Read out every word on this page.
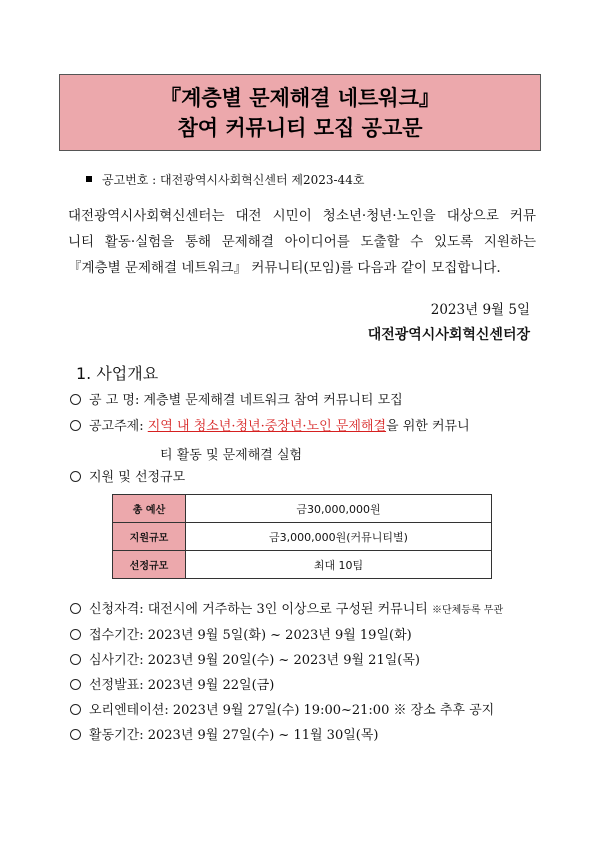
『계층별 문제해결 네트워크』
참여 커뮤니티 모집 공고문
공고번호 : 대전광역시사회혁신센터 제2023-44호
대전광역시사회혁신센터는 대전 시민이 청소년·청년·노인을 대상으로 커뮤
니티 활동·실험을 통해 문제해결 아이디어를 도출할 수 있도록 지원하는
『계층별 문제해결 네트워크』 커뮤니티(모임)를 다음과 같이 모집합니다.
2023년 9월 5일
대전광역시사회혁신센터장
1. 사업개요
공 고 명: 계층별 문제해결 네트워크 참여 커뮤니티 모집
공고주제: 지역 내 청소년·청년·중장년·노인 문제해결을 위한 커뮤니
티 활동 및 문제해결 실험
지원 및 선정규모
총 예산	금30,000,000원
지원규모	금3,000,000원(커뮤니티별)
선정규모	최대 10팀
신청자격: 대전시에 거주하는 3인 이상으로 구성된 커뮤니티 ※단체등록 무관
접수기간: 2023년 9월 5일(화) ~ 2023년 9월 19일(화)
심사기간: 2023년 9월 20일(수) ~ 2023년 9월 21일(목)
선정발표: 2023년 9월 22일(금)
오리엔테이션: 2023년 9월 27일(수) 19:00~21:00 ※ 장소 추후 공지
활동기간: 2023년 9월 27일(수) ~ 11월 30일(목)
